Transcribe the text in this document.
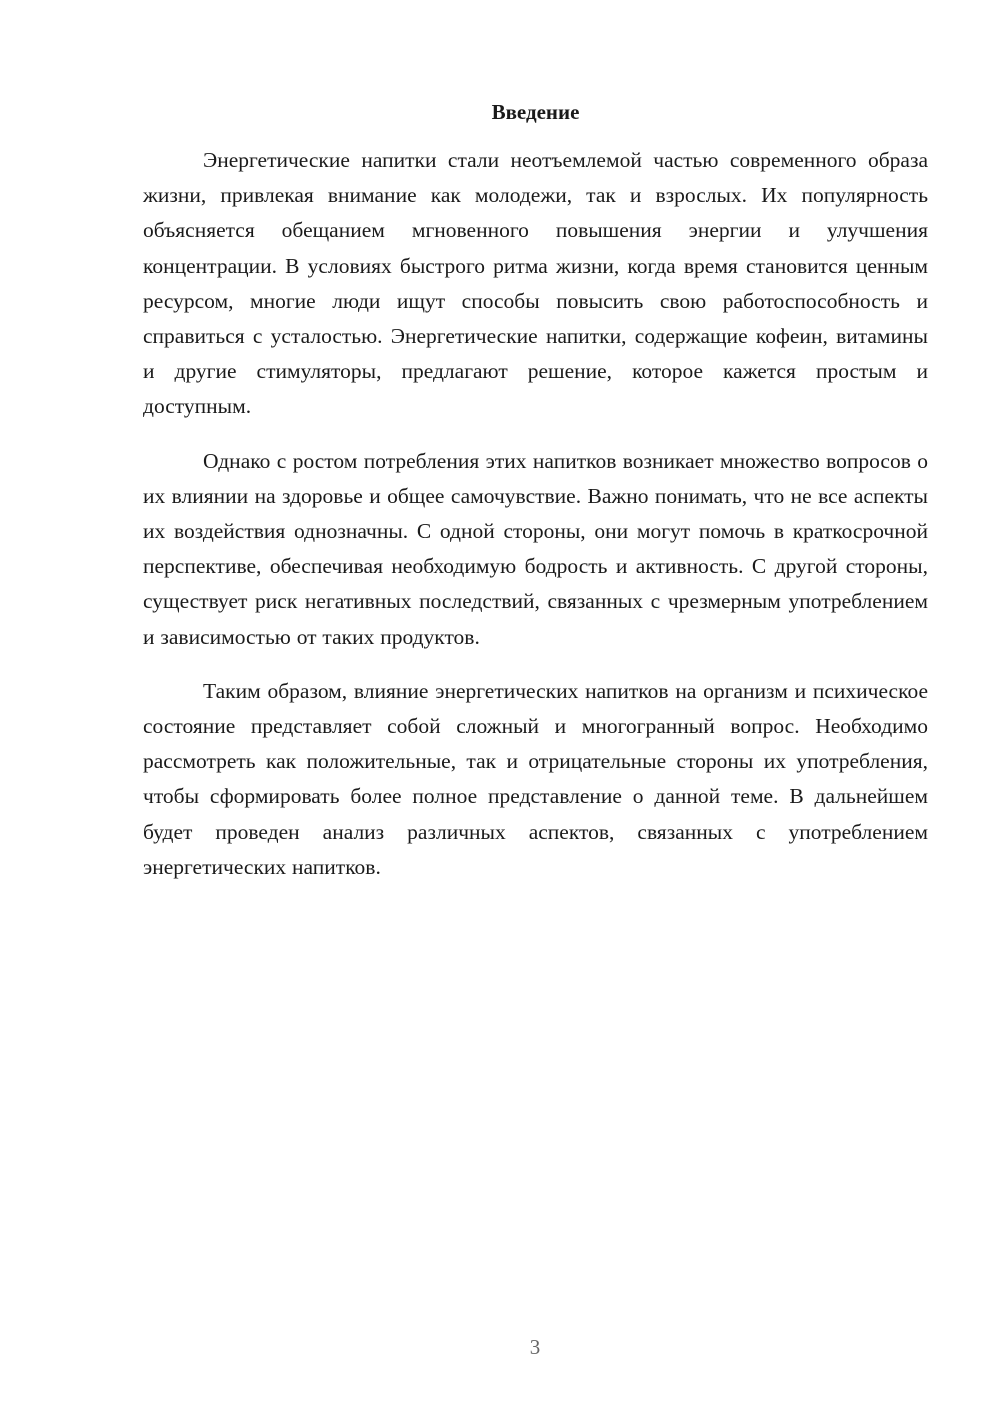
Введение

Энергетические напитки стали неотъемлемой частью современного образа жизни, привлекая внимание как молодежи, так и взрослых. Их популярность объясняется обещанием мгновенного повышения энергии и улучшения концентрации. В условиях быстрого ритма жизни, когда время становится ценным ресурсом, многие люди ищут способы повысить свою работоспособность и справиться с усталостью. Энергетические напитки, содержащие кофеин, витамины и другие стимуляторы, предлагают решение, которое кажется простым и доступным.

Однако с ростом потребления этих напитков возникает множество вопросов о их влиянии на здоровье и общее самочувствие. Важно понимать, что не все аспекты их воздействия однозначны. С одной стороны, они могут помочь в краткосрочной перспективе, обеспечивая необходимую бодрость и активность. С другой стороны, существует риск негативных последствий, связанных с чрезмерным употреблением и зависимостью от таких продуктов.

Таким образом, влияние энергетических напитков на организм и психическое состояние представляет собой сложный и многогранный вопрос. Необходимо рассмотреть как положительные, так и отрицательные стороны их употребления, чтобы сформировать более полное представление о данной теме. В дальнейшем будет проведен анализ различных аспектов, связанных с употреблением энергетических напитков.

3
